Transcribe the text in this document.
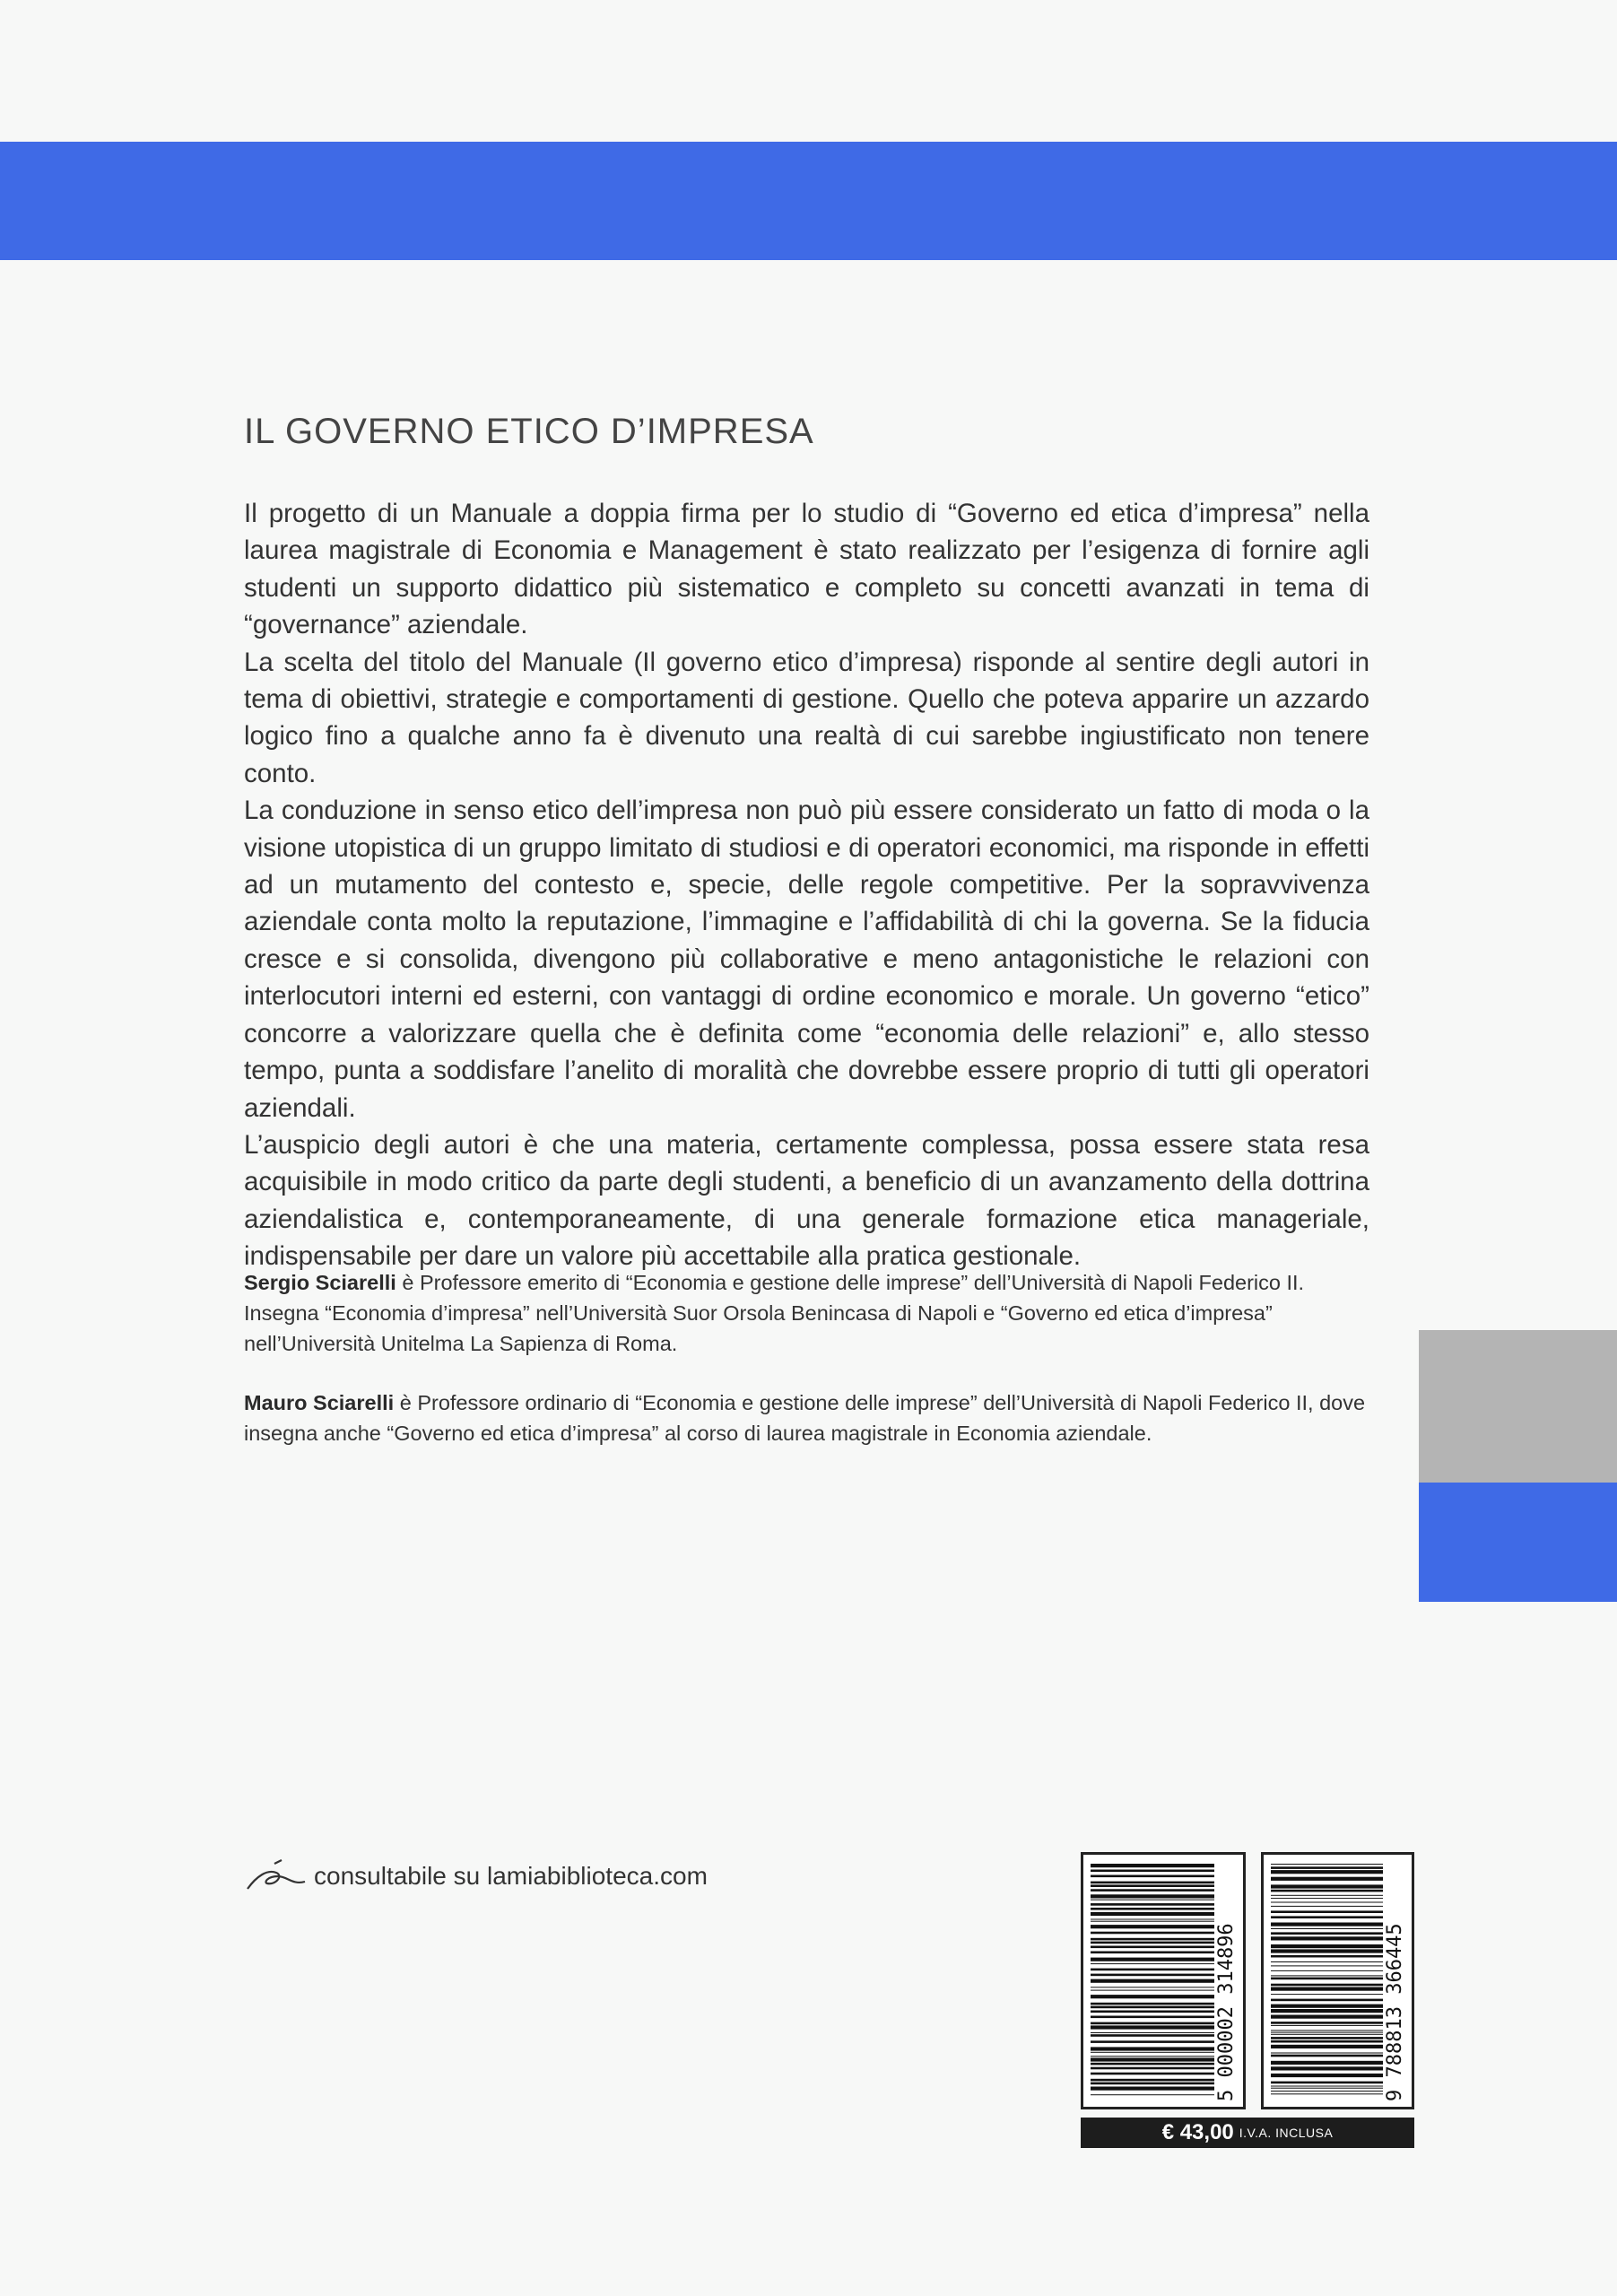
IL GOVERNO ETICO D’IMPRESA

Il progetto di un Manuale a doppia firma per lo studio di “Governo ed etica d’impresa” nella laurea magistrale di Economia e Management è stato realizzato per l’esigenza di fornire agli studenti un supporto didattico più sistematico e completo su concetti avanzati in tema di “governance” aziendale.

La scelta del titolo del Manuale (Il governo etico d’impresa) risponde al sentire degli autori in tema di obiettivi, strategie e comportamenti di gestione. Quello che poteva apparire un azzardo logico fino a qualche anno fa è divenuto una realtà di cui sarebbe ingiustificato non tenere conto.

La conduzione in senso etico dell’impresa non può più essere considerato un fatto di moda o la visione utopistica di un gruppo limitato di studiosi e di operatori economici, ma risponde in effetti ad un mutamento del contesto e, specie, delle regole competitive. Per la sopravvivenza aziendale conta molto la reputazione, l’immagine e l’affidabilità di chi la governa. Se la fiducia cresce e si consolida, divengono più collaborative e meno antagonistiche le relazioni con interlocutori interni ed esterni, con vantaggi di ordine economico e morale. Un governo “etico” concorre a valorizzare quella che è definita come “economia delle relazioni” e, allo stesso tempo, punta a soddisfare l’anelito di moralità che dovrebbe essere proprio di tutti gli operatori aziendali.

L’auspicio degli autori è che una materia, certamente complessa, possa essere stata resa acquisibile in modo critico da parte degli studenti, a beneficio di un avanzamento della dottrina aziendalistica e, contemporaneamente, di una generale formazione etica manageriale, indispensabile per dare un valore più accettabile alla pratica gestionale.

Sergio Sciarelli è Professore emerito di “Economia e gestione delle imprese” dell’Università di Napoli Federico II. Insegna “Economia d’impresa” nell’Università Suor Orsola Benincasa di Napoli e “Governo ed etica d’impresa” nell’Università Unitelma La Sapienza di Roma.
Mauro Sciarelli è Professore ordinario di “Economia e gestione delle imprese” dell’Università di Napoli Federico II, dove insegna anche “Governo ed etica d’impresa” al corso di laurea magistrale in Economia aziendale.
consultabile su lamiabiblioteca.com
5 000002 314896	9 788813 366445
€ 43,00 I.V.A. INCLUSA
